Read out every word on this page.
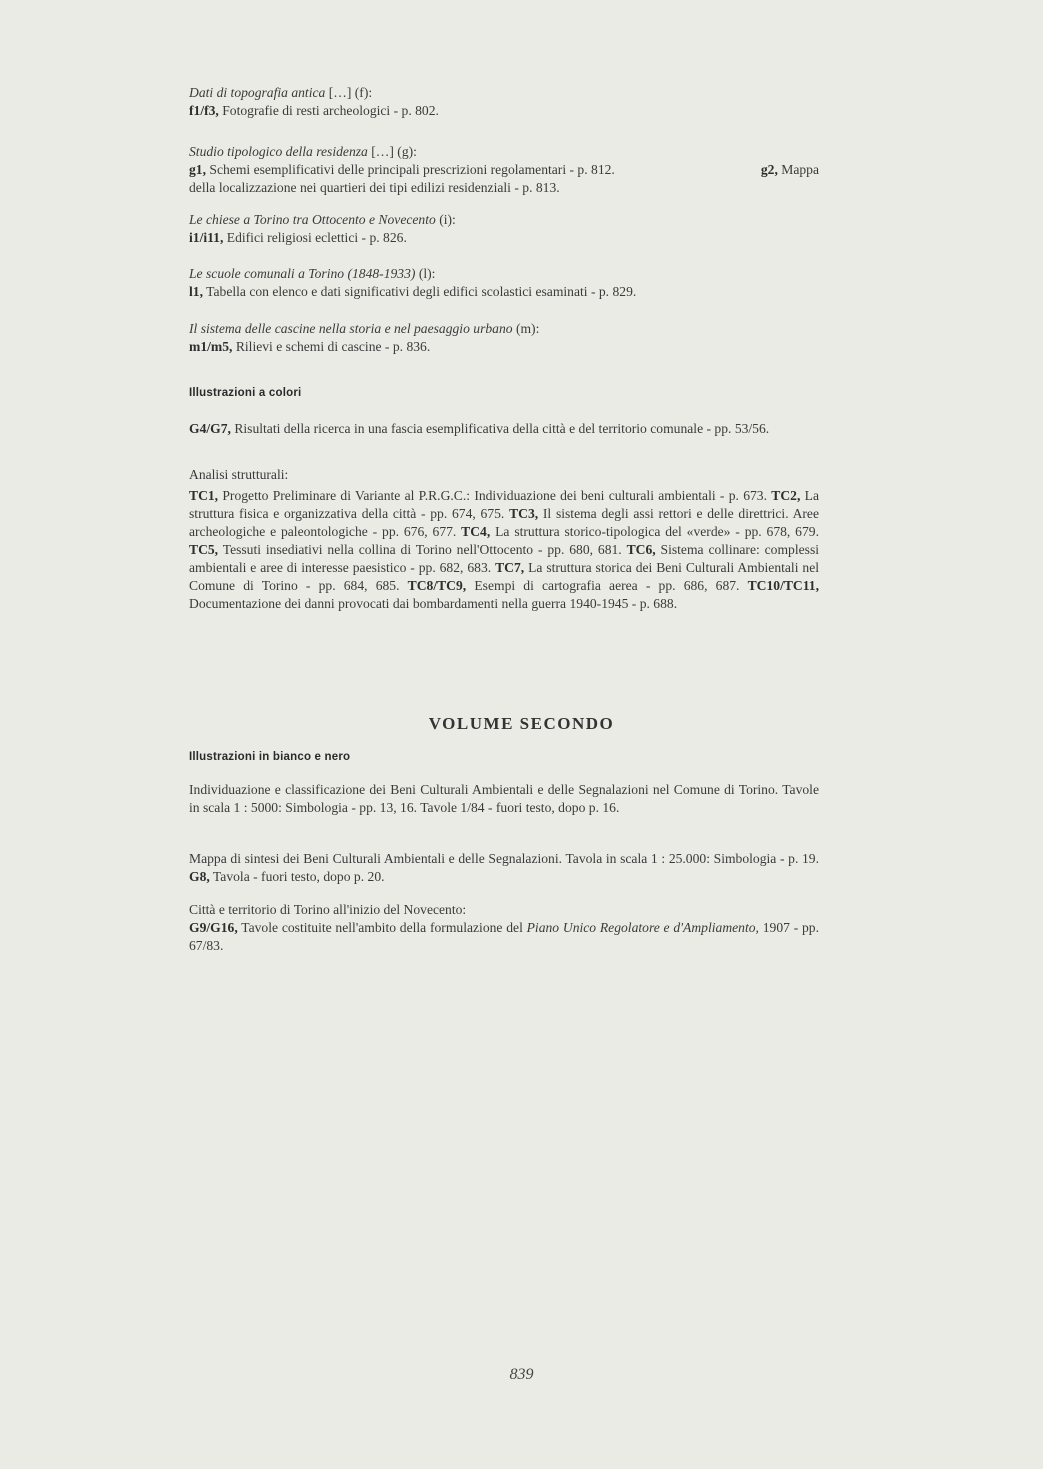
Dati di topografia antica […] (f):

f1/f3, Fotografie di resti archeologici - p. 802.

Studio tipologico della residenza […] (g):

g1, Schemi esemplificativi delle principali prescrizioni regolamentari - p. 812.	g2, Mappa

della localizzazione nei quartieri dei tipi edilizi residenziali - p. 813.

Le chiese a Torino tra Ottocento e Novecento (i):

i1/i11, Edifici religiosi eclettici - p. 826.

Le scuole comunali a Torino (1848-1933) (l):

l1, Tabella con elenco e dati significativi degli edifici scolastici esaminati - p. 829.

Il sistema delle cascine nella storia e nel paesaggio urbano (m):

m1/m5, Rilievi e schemi di cascine - p. 836.

Illustrazioni a colori

G4/G7, Risultati della ricerca in una fascia esemplificativa della città e del territorio comunale - pp. 53/56.

Analisi strutturali:

TC1, Progetto Preliminare di Variante al P.R.G.C.: Individuazione dei beni culturali ambientali - p. 673. TC2, La struttura fisica e organizzativa della città - pp. 674, 675. TC3, Il sistema degli assi rettori e delle direttrici. Aree archeologiche e paleontologiche - pp. 676, 677. TC4, La struttura storico-tipologica del «verde» - pp. 678, 679. TC5, Tessuti insediativi nella collina di Torino nell'Ottocento - pp. 680, 681. TC6, Sistema collinare: complessi ambientali e aree di interesse paesistico - pp. 682, 683. TC7, La struttura storica dei Beni Culturali Ambientali nel Comune di Torino - pp. 684, 685. TC8/TC9, Esempi di cartografia aerea - pp. 686, 687. TC10/TC11, Documentazione dei danni provocati dai bombardamenti nella guerra 1940-1945 - p. 688.

VOLUME SECONDO

Illustrazioni in bianco e nero

Individuazione e classificazione dei Beni Culturali Ambientali e delle Segnalazioni nel Comune di Torino. Tavole in scala 1 : 5000: Simbologia - pp. 13, 16. Tavole 1/84 - fuori testo, dopo p. 16.

Mappa di sintesi dei Beni Culturali Ambientali e delle Segnalazioni. Tavola in scala 1 : 25.000: Simbologia - p. 19. G8, Tavola - fuori testo, dopo p. 20.

Città e territorio di Torino all'inizio del Novecento:

G9/G16, Tavole costituite nell'ambito della formulazione del Piano Unico Regolatore e d'Ampliamento, 1907 - pp. 67/83.

839
